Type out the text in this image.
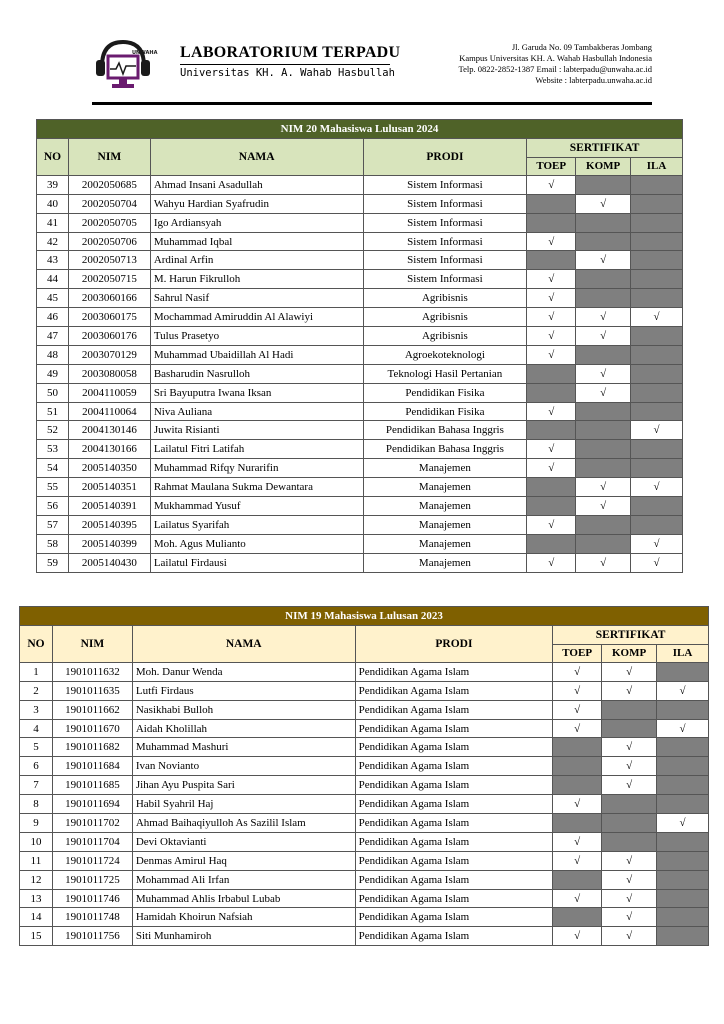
UNWAHA LABORATORIUM TERPADU
Universitas KH. A. Wahab Hasbullah
Jl. Garuda No. 09 Tambakberas Jombang
Kampus Universitas KH. A. Wahab Hasbullah Indonesia
Telp. 0822-2852-1387 Email : labterpadu@unwaha.ac.id
Website : labterpadu.unwaha.ac.id
NIM 20 Mahasiswa Lulusan 2024						
NO	NIM	NAMA	PRODI	SERTIFIKAT		
				TOEP	KOMP	ILA
39	2002050685	Ahmad Insani Asadullah	Sistem Informasi	√		
40	2002050704	Wahyu Hardian Syafrudin	Sistem Informasi		√	
41	2002050705	Igo Ardiansyah	Sistem Informasi			
42	2002050706	Muhammad Iqbal	Sistem Informasi	√		
43	2002050713	Ardinal Arfin	Sistem Informasi		√	
44	2002050715	M. Harun Fikrulloh	Sistem Informasi	√		
45	2003060166	Sahrul Nasif	Agribisnis	√		
46	2003060175	Mochammad Amiruddin Al Alawiyi	Agribisnis	√	√	√
47	2003060176	Tulus Prasetyo	Agribisnis	√	√	
48	2003070129	Muhammad Ubaidillah Al Hadi	Agroekoteknologi	√		
49	2003080058	Basharudin Nasrulloh	Teknologi Hasil Pertanian		√	
50	2004110059	Sri Bayuputra Iwana Iksan	Pendidikan Fisika		√	
51	2004110064	Niva Auliana	Pendidikan Fisika	√		
52	2004130146	Juwita Risianti	Pendidikan Bahasa Inggris			√
53	2004130166	Lailatul Fitri Latifah	Pendidikan Bahasa Inggris	√		
54	2005140350	Muhammad Rifqy Nurarifin	Manajemen	√		
55	2005140351	Rahmat Maulana Sukma Dewantara	Manajemen		√	√
56	2005140391	Mukhammad Yusuf	Manajemen		√	
57	2005140395	Lailatus Syarifah	Manajemen	√		
58	2005140399	Moh. Agus Mulianto	Manajemen			√
59	2005140430	Lailatul Firdausi	Manajemen	√	√	√
NIM 19 Mahasiswa Lulusan 2023						
NO	NIM	NAMA	PRODI	SERTIFIKAT		
				TOEP	KOMP	ILA
1	1901011632	Moh. Danur Wenda	Pendidikan Agama Islam	√	√	
2	1901011635	Lutfi Firdaus	Pendidikan Agama Islam	√	√	√
3	1901011662	Nasikhabi Bulloh	Pendidikan Agama Islam	√		
4	1901011670	Aidah Kholillah	Pendidikan Agama Islam	√		√
5	1901011682	Muhammad Mashuri	Pendidikan Agama Islam		√	
6	1901011684	Ivan Novianto	Pendidikan Agama Islam		√	
7	1901011685	Jihan Ayu Puspita Sari	Pendidikan Agama Islam		√	
8	1901011694	Habil Syahril Haj	Pendidikan Agama Islam	√		
9	1901011702	Ahmad Baihaqiyulloh As Sazilil Islam	Pendidikan Agama Islam			√
10	1901011704	Devi Oktavianti	Pendidikan Agama Islam	√		
11	1901011724	Denmas Amirul Haq	Pendidikan Agama Islam	√	√	
12	1901011725	Mohammad Ali Irfan	Pendidikan Agama Islam		√	
13	1901011746	Muhammad Ahlis Irbabul Lubab	Pendidikan Agama Islam	√	√	
14	1901011748	Hamidah Khoirun Nafsiah	Pendidikan Agama Islam		√	
15	1901011756	Siti Munhamiroh	Pendidikan Agama Islam	√	√	
